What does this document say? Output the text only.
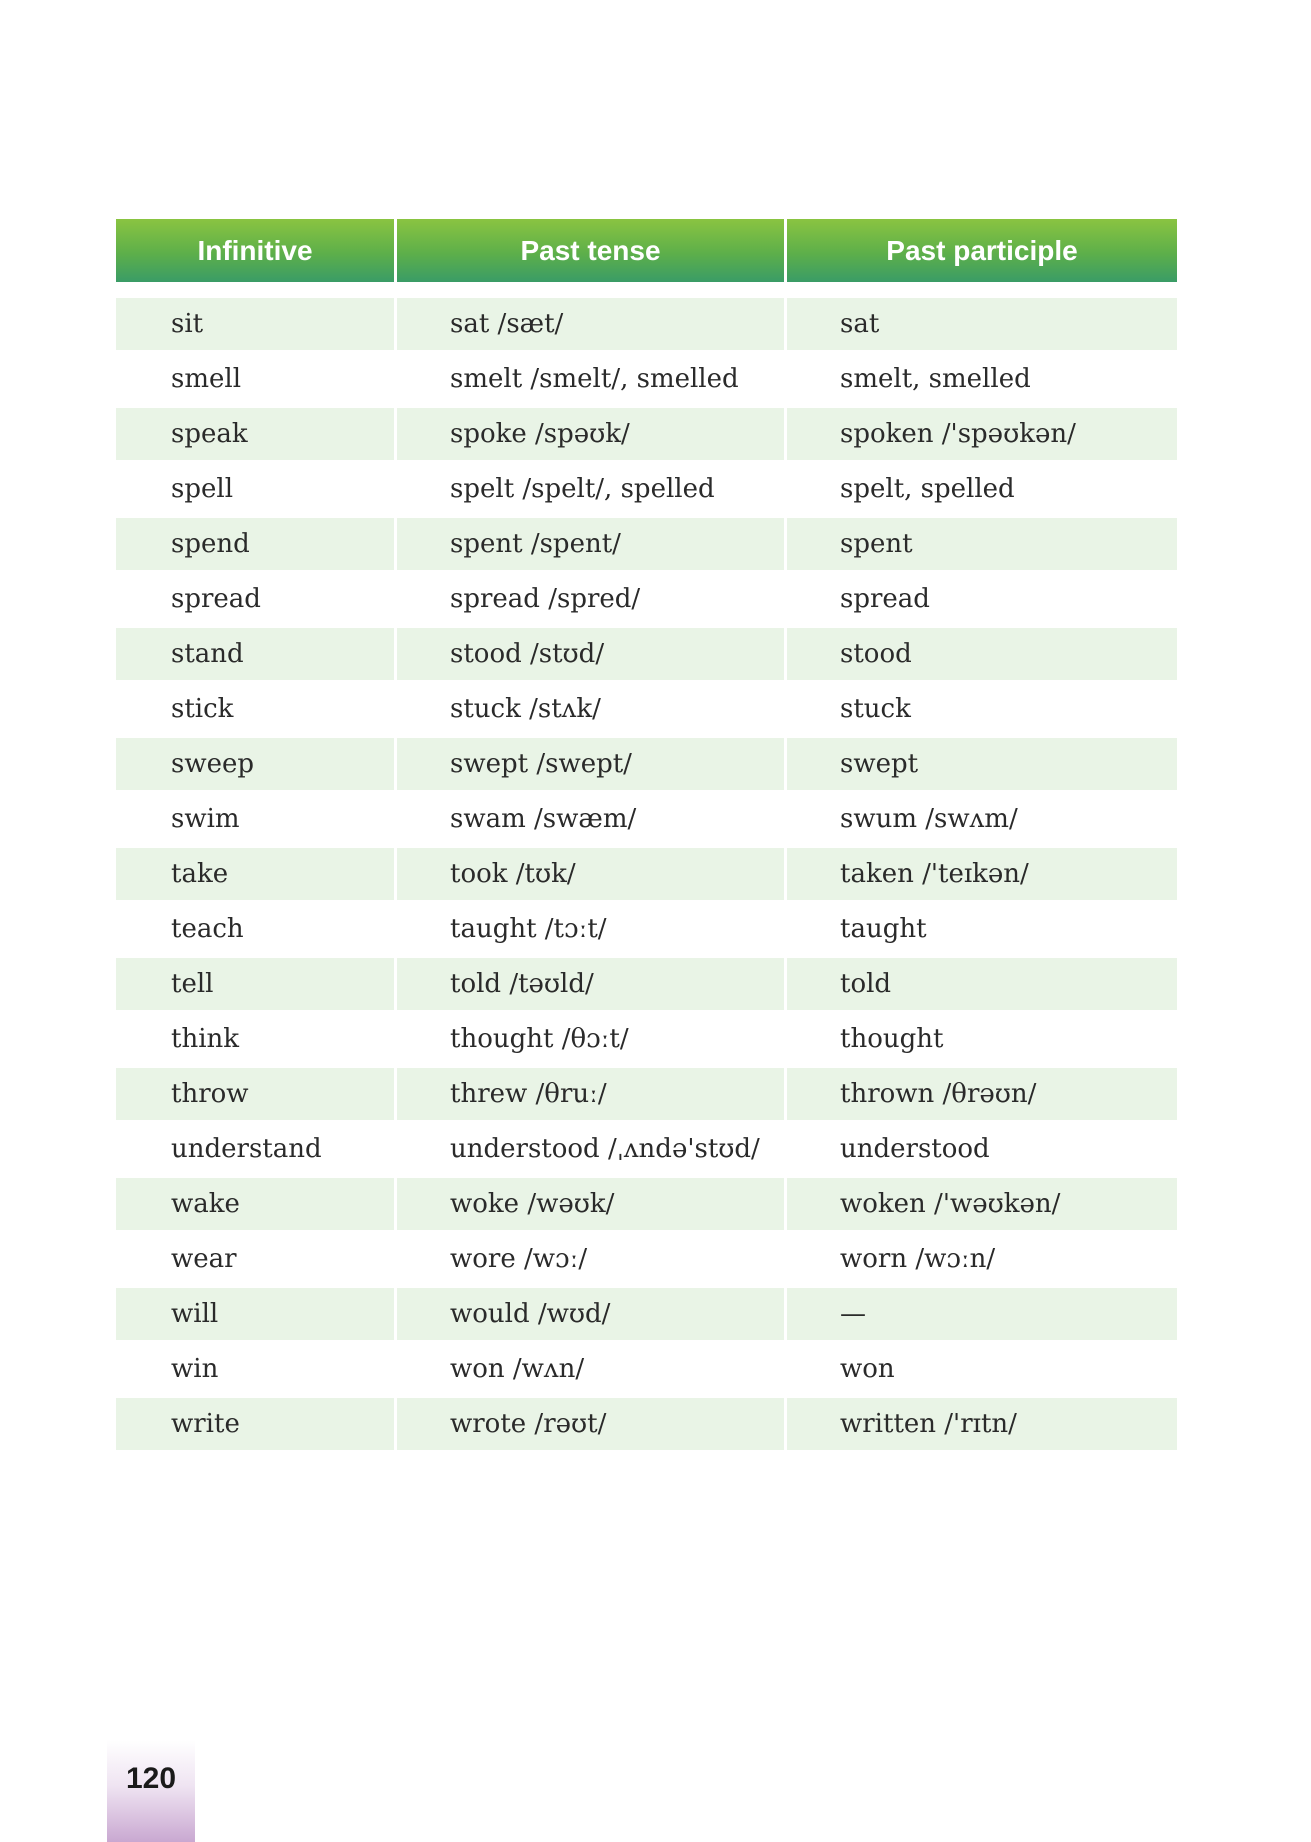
Infinitive	Past tense	Past participle

sit	sat /sæt/	sat
smell	smelt /smelt/, smelled	smelt, smelled
speak	spoke /spəʊk/	spoken /'spəʊkən/
spell	spelt /spelt/, spelled	spelt, spelled
spend	spent /spent/	spent
spread	spread /spred/	spread
stand	stood /stʊd/	stood
stick	stuck /stʌk/	stuck
sweep	swept /swept/	swept
swim	swam /swæm/	swum /swʌm/
take	took /tʊk/	taken /'teɪkən/
teach	taught /tɔːt/	taught
tell	told /təʊld/	told
think	thought /θɔːt/	thought
throw	threw /θruː/	thrown /θrəʊn/
understand	understood /ˌʌndə'stʊd/	understood
wake	woke /wəʊk/	woken /'wəʊkən/
wear	wore /wɔː/	worn /wɔːn/
will	would /wʊd/	—
win	won /wʌn/	won
write	wrote /rəʊt/	written /'rɪtn/
120
